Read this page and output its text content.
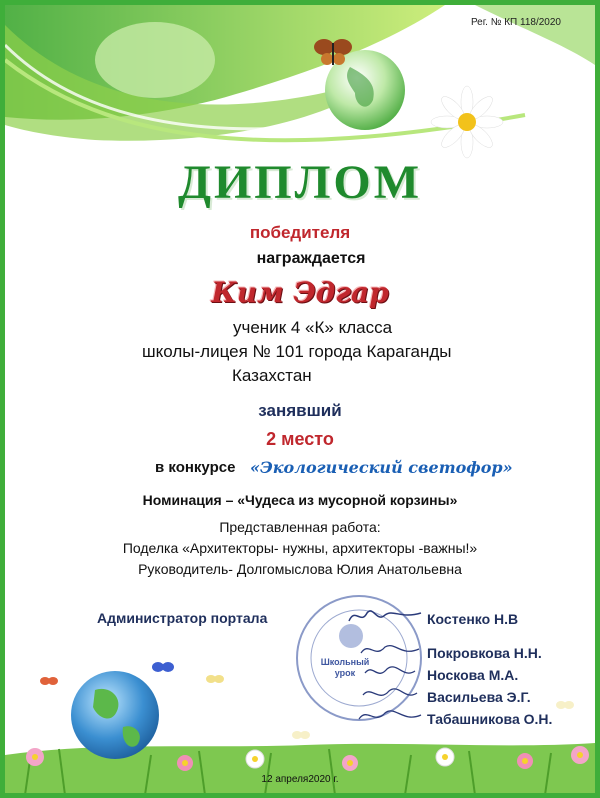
Рег. № КП 118/2020
ДИПЛОМ
победителя
награждается
Ким Эдгар
ученик 4 «К» класса
школы-лицея № 101 города Караганды
Казахстан
занявший
2 место
в конкурсе «Экологический светофор»
Номинация – «Чудеса из мусорной корзины»
Представленная работа:
Поделка «Архитекторы- нужны, архитекторы -важны!»
Руководитель- Долгомыслова Юлия Анатольевна
Школьный
урок
Администратор портала	Костенко Н.В
Покровкова Н.Н.
Носкова М.А.
Васильева Э.Г.
Табашникова О.Н.
12 апреля2020 г.
